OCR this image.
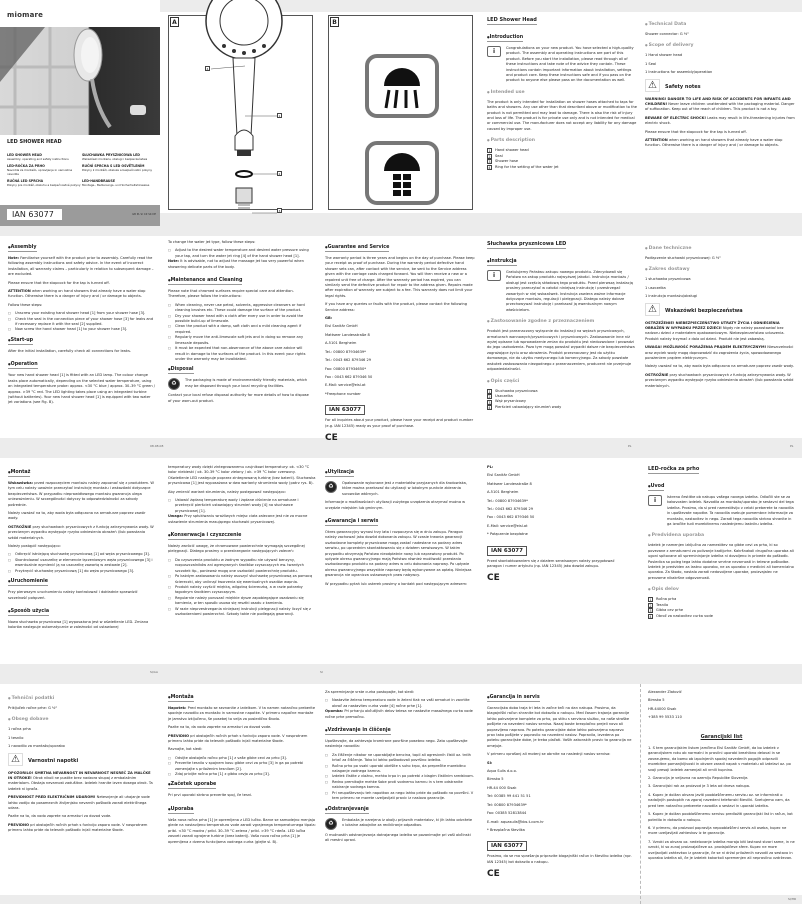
miomare
LED SHOWER HEAD
LED SHOWER HEAD
Assembly, operating and safety instructions
SŁUCHAWKA PRYSZNICOWA LED
Wskazówki montażu, obsługi i bezpieczeństwa
LED-ROČKA ZA PRHO
Navodila za montažo, upravljanje in varnostna navodila
RUČNÍ SPRCHA S LED OSVĚTLENÍM
Pokyny k montáži, obsluze a bezpečnostní pokyny
RUČNÁ LED SPRCHA
Pokyny pre montáž, obsluhu a bezpečnostné pokyny
LED-HANDBRAUSE
Montage-, Bedienungs- und Sicherheitshinweise
IAN 63077	GB PL SI CZ SK DE
A
4
1
2
3
B	LED Shower Head
● Introduction

i	Congratulations on your new product. You have selected a high-quality product. The assembly and operating instructions are part of this product. Before you start the installation, please read through all of these instructions and take note of the advice they contain. These instructions contain important information about installation, settings and product care. Keep these instructions safe and if you pass on the product to anyone else please pass on the documentation as well.
● Intended use
The product is only intended for installation on shower hoses attached to taps for baths and showers. Any use other than that described above or modification to the product is not permitted and may lead to damage. There is also the risk of injury and loss of life. The product is for private use only and is not intended for medical or commercial use. The manufacturer does not accept any liability for any damage caused by improper use.
● Parts description
1	Hand shower head
2	Seal
3	Shower hose
4	Ring for the setting of the water jet
● Technical Data
Shower connector: G ½"
● Scope of delivery
1 Hand shower head
1 Seal
1 Instructions for assembly/operation
⚠ Safety notes
WARNING! DANGER TO LIFE AND RISK OF ACCIDENTS FOR INFANTS AND CHILDREN! Never leave children unattended with the packaging material. Danger of suffocation. Keep out of the reach of children. This product is not a toy.
BEWARE OF ELECTRIC SHOCK! Leaks may result in life-threatening injuries from electric shock.
Please ensure that the stopcock for the tap is turned off.
ATTENTION when working on hand showers that already have a water stop function. Otherwise there is a danger of injury and / or damage to objects.
● Assembly

Note: Familiarise yourself with the product prior to assembly. Carefully read the following assembly instructions and safety advice. In the event of incorrect installation, all warranty claims – particularly in relation to subsequent damage – are excluded.
Please ensure that the stopcock for the tap is turned off.
ATTENTION when working on hand showers that already have a water stop function. Otherwise there is a danger of injury and / or damage to objects.
Follow these steps:
□ Unscrew your existing hand shower head [1] from your shower hose [3].
□ Check the seal in the connection piece of your shower hose [3] for leaks and if necessary replace it with the seal [2] supplied.
□ Now screw the hand shower head [1] to your shower hose [3].
● Start-up

After the initial installation, carefully check all connections for leaks.
● Operation

Your new hand shower head [1] is fitted with an LED lamp. The colour change tasks place automatically, depending on the selected water temperature, using an integrated temperature probe: approx. <30 °C blue / approx. 30–39 °C green / approx. >39 °C red. The LED lighting takes place using an integrated turbine (without batteries). Your new hand shower head [1] is equipped with two water jet variations (see Fig. B).
To change the water jet type, follow these steps:
□ Adjust to the desired water temperature and desired water pressure using your tap, and turn the water jet ring [4] of the hand shower head [1].
Note: It is advisable, not to adjust the massage jet too very powerful when showering delicate parts of the body.
● Maintenance and Cleaning

Please note that chromed surfaces require special care and attention. Therefore, please follow the instructions:
□ When cleaning, never use petrol, solvents, aggressive cleansers or hard cleaning brushes etc. These could damage the surface of the product.
□ Dry your shower head with a cloth after every use in order to avoid the possible build-up of limescale.
□ Clean the product with a damp, soft cloth and a mild cleaning agent if required.
□ Regularly move the anti-limescale soft jets and in doing so remove any limescale deposits.
□ It must be expected that non-observance of the above care advice will result in damage to the surfaces of the product. In this event your rights under the warranty may be invalidated.
● Disposal

♻	The packaging is made of environmentally friendly materials, which may be disposed through your local recycling facilities.
Contact your local refuse disposal authority for more details of how to dispose of your worn-out product.
● Guarantee and Service

The warranty period is three years and begins on the day of purchase. Please keep your receipt as proof of purchase. During the warranty period defective hand shower sets can, after contact with the service, be sent to the Service address given with the carriage costs charged forward. You will then receive a new or a repaired unit free of charge. After the warranty period has expired, you can similarly send the defective product for repair to the address given. Repairs made after expiration of warranty are subject to a fee. This warranty does not limit your legal rights.
If you have any queries or faults with the product, please contact the following Service address:
GB:
Eisl Sanitär GmbH
Mattseer Landesstraße 8
A-5101 Bergheim
Tel.: 00800 87934639*
Tel.: 0043 662 879346 29
Fax: 00800 87934650*
Fax : 0043 662 879346 50
E-Mail: service@eisl.at
*Freephone number
IAN 63077

For all inquiries about your product, please have your receipt and product number (e.g. IAN 12345) ready as your proof of purchase.
CE
Słuchawka prysznicowa LED
● Instrukcja

i	Gratulujemy Państwu zakupu nowego produktu. Zdecydowali się Państwo na zakup produktu najwyższej jakości. Instrukcja montażu / obsługi jest częścią składową tego produktu. Przed pierwszą instalacją prosimy przeczytać w całości niniejszą instrukcję i przestrzegać zawartych w niej wskazówek. Instrukcja zawiera ważne informacje dotyczące montażu, regulacji i pielęgnacji. Dlatego należy dobrze przechowywać instrukcję i przekazać ją ewentualnym nowym właścicielom.
● Zastosowanie zgodne z przeznaczeniem
Produkt jest przeznaczony wyłącznie do instalacji na wężach prysznicowych, armaturach wannowych/prysznicowych i prysznicowych. Zastosowanie inne niż wyżej opisane lub wprowadzenie zmian do produktu jest niedozwolone i prowadzi do jego uszkodzenia. Poza tym mogą powstać wypadki dalsze nie bezpieczeństwa zagrażające życiu oraz obrażenia. Produkt przeznaczony jest do użytku domowego, nie do użytku medycznego lub komercyjnego. Za szkody powstałe wskutek zastosowania niezgodnego z przeznaczeniem, producent nie przejmuje odpowiedzialności.
● Opis części
1	Słuchawka prysznicowa
2	Uszczelka
3	Wąż prysznicowy
4	Pierścień ustawiający strumień wody
● Dane techniczne
Podłączenie słuchawki prysznicowej: G ½"
● Zakres dostawy
1 słuchawka prysznicowa
1 uszczelka
1 instrukcja montażu/obsługi
⚠ Wskazówki bezpieczeństwa
OSTRZEŻENIE! NIEBEZPIECZEŃSTWO UTRATY ŻYCIA I ODNIESIENIA OBRAŻEŃ W WYPADKU PRZEZ DZIECI! Nigdy nie należy pozostawiać bez nadzoru dzieci z materiałem opakowaniowym. Niebezpieczeństwo uduszenia. Produkt należy trzymać z dala od dzieci. Produkt nie jest zabawką.
UWAGA! MOŻLIWOŚĆ PORAŻENIA PRĄDEM ELEKTRYCZNYM! Nieszczelności oraz wyciek wody mogą doprowadzić do zagrożenia życia, spowodowanego porażeniem prądem elektrycznym.
Należy uważać na to, aby woda była odłączona na armaturze poprzez zawór wody.
OSTROŻNIE przy słuchawkach prysznicowych z funkcją zatrzymywania wody. W przeciwnym wypadku występuje ryzyko odniesienia obrażeń i/lub powstania szkód materialnych.
● Montaż

Wskazówka: przed rozpoczęciem montażu należy zapoznać się z produktem. W tym celu należy uważnie przeczytać instrukcję montażu i wskazówki dotyczące bezpieczeństwa. W przypadku nieprawidłowego montażu gwarancja ulega unieważnieniu. W szczególności dotyczy to odpowiedzialności za szkody pośrednie.
Należy uważać na to, aby woda była odłączona na armaturze poprzez zawór wody.
OSTROŻNIE przy słuchawkach prysznicowych z funkcją zatrzymywania wody. W przeciwnym wypadku występuje ryzyko odniesienia obrażeń i/lub powstania szkód materialnych.
Należy postąpić następująco:
□ Odkręcić istniejącą słuchawkę prysznicową [1] od węża prysznicowego [3].
□ Skontrolować uszczelkę w elemencie łączeniowym węża prysznicowego [3] i ewentualnie wymienić ją na uszczelkę zawartą w zestawie [2].
□ Przykręcić słuchawkę prysznicową [1] do węża prysznicowego [3].
● Uruchomienie

Przy pierwszym uruchomieniu należy kontrolować i dokładnie sprawdzić szczelność połączeń.
● Sposób użycia

Nowa słuchawka prysznicowa [1] wyposażona jest w oświetlenie LED. Zmiana kolorów następuje automatycznie w zależności od ustawionej
temperatury wody dzięki zintegrowanemu czujnikowi temperatury: ok. <30 °C kolor niebieski / ok. 30-39 °C kolor zielony / ok. >39 °C kolor czerwony. Oświetlenie LED następuje poprzez zintegrowaną turbinę (bez baterii). Słuchawka prysznicowa [1] jest wyposażona w dwa warianty strumienia wody (patrz rys. B).
Aby zmienić wariant strumienia, należy postępować następująco:
□ Ustawić żądaną temperaturę wody i żądane ciśnienie na armaturze i przekręcić pierścień ustawiający strumień wody [4] na słuchawce prysznicowej [1].
Uwaga: Przy spłukiwaniu wrażliwych miejsc ciała zalecane jest nie za mocne ustawienie strumienia masującego słuchawki prysznicowej.
● Konserwacja i czyszczenie

Należy zwrócić uwagę, że chromowane powierzchnie wymagają szczególnej pielęgnacji. Dlatego prosimy o przestrzeganie następujących zaleceń:
□ Do czyszczenia produktu w żadnym wypadku nie używać benzyny, rozpuszczalników ani agresywnych środków czyszczących ew. twardych szczotek itp., ponieważ mogą one uszkodzić powierzchnię produktu.
□ Po każdym zastosowaniu należy osuszyć słuchawkę prysznicową za pomocą ściereczki, aby uniknąć tworzenia się ewentualnych osadów wapnia.
□ Produkt należy czyścić miękką, wilgotną ściereczką, a w razie potrzeby łagodnym środkiem czyszczącym.
□ Regularnie należy poruszać miękkie dysze zapobiegające osadzaniu się kamienia, w ten sposób usuwa się resztki osadu z kamienia.
□ W razie nieprzestrzegania niniejszej instrukcji pielęgnacji należy liczyć się z uszkodzeniami powierzchni. Szkody takie nie podlegają gwarancji.
● Utylizacja

♻	Opakowanie wykonane jest z materiałów przyjaznych dla środowiska, które można przekazać do utylizacji w lokalnym punkcie zbierania surowców wtórnych.
Informacje o możliwościach utylizacji zużytego urządzenia otrzymać można w urzędzie miejskim lub gminnym.
● Gwarancja i serwis

Okres gwarancyjny wynosi trzy lata i rozpoczyna się w dniu zakupu. Paragon należy zachować jako dowód dokonania zakupu. W czasie trwania gwarancji uszkodzone komplety prysznicowe mogą zostać nadesłane na podany adres serwisu, po uprzednim skontaktowaniu się z działem serwisowym. W takim przypadku otrzymają Państwo nieodpłatnie nowy lub naprawiony produkt. Po upływie okresu gwarancyjnego mają Państwo również możliwość przesłania uszkodzonego produktu na podany adres w celu dokonania naprawy. Po upływie okresu gwarancyjnego wszystkie naprawy będą wykonywane za opłatą. Niniejsza gwarancja nie ogranicza ustawowych praw nabywcy.
W przypadku pytań lub usterek prosimy o kontakt pod następującym adresem:
PL:
Eisl Sanitär GmbH
Mattseer Landesstraße 8
A-5101 Bergheim
Tel.: 00800 87934639*
Tel.: 0043 662 879346 29
Fax : 0043 662 879346 50
E-Mail: service@eisl.at
* Połączenie bezpłatne
IAN 63077

Przed skontaktowaniem się z działem serwisowym należy przygotować paragon i numer artykułu (np. IAN 12345) jako dowód zakupu.
CE
LED-ročka za prho
● Uvod

i	Iskreno čestitke ob nakupu vašega novega izdelka. Odločili ste se za kakovosten izdelek. Navodila za montažo/uporabo je sestavni del tega izdelka. Prosimo, da si pred namestitvijo v celoti preberete ta navodila in upoštevate napotke. Ta navodila vsebuje pomembne informacije za montažo, nastavitev in nego. Zaradi tega navodila skrbno shranite in ga izročite tudi morebitnemu naslednjemu lastniku izdelka.
● Predvidena uporaba
Izdelek je namenjen izključno za namestitev na gibke cevi za prho, ki so povezane z armaturami za polivanje kadi/prhe. Kakršnakoli drugačna uporaba ali ugoni spitovane ali spremininjanje izdelka ni dovoljeno in privede do poškodb. Posledica so poleg tega lahko dodatne smrtne nevarnosti in telesne poškodbe. Izdelek je predviden za lastno uporabo, ne za uporabo v medicini ali komercialno uporabo. Za škodo, nastalo zaradi nedovoljene uporabe, proizvajalec ne prevzame nikakršne odgovornosti.
● Opis delov
1	Ročna prha
2	Tesnilo
3	Gibka cev prhe
4	Obroč za nastavitev curka vode
● Tehnični podatki
Priključek ročne prhe: G ½"
● Obseg dobave
1 ročna prha
1 tesnilo
1 navodilo za montažo/uporabo
⚠ Varnostni napotki
OPOZORILO! SMRTNA NEVARNOST IN NEVARNOST NESREČ ZA MALČKE IN OTROKE! Otrok nikoli ne pustite brez nadzora skupaj z embalažnim materialom. Obstaja nevarnost zadušitve. Izdelek hranite izven dosega otrok. Ta izdelek ni igrača.
PREVIDNOST PRED ELEKTRIČNIM UDAROM! Netesnjenje ali uhajanje vode lahko vodijo do posameznih življenjsko nevarnih poškodb zaradi električnega udara.
Pazite na to, da vodo zaprete na armaturi za dovod vode.
PREVIDNO pri obstoječih ročnih prhah s funkcijo zaporo vode. V nasprotnem primeru lahko pride do telesnih poškodb in/ali materialne škode.
● Montaža

Napotek: Pred montažo se seznanite z izdelkom. V ta namen natančno preberite spodnje navodilo za montažo in varnostne napotke. V primeru napačne montaže je jamstvo izključeno, še posebej to velja za posledično škodo.
Pazite na to, da vodo zaprete na armaturi za dovod vode.
PREVIDNO pri obstoječih ročnih prhah s funkcijo zaporo vode. V nasprotnem primeru lahko pride do telesnih poškodb in/ali materialne škode.
Ravnajte, kot sledi:
□ Odvijte obstoječo ročno prho [1] z vaše gibke cevi za prho [3].
□ Preverite tesnilo v spojnem kosu gibke cevi za prho [3] in ga po potrebi zamenjajte s priloženim tesnilom [2].
□ Zdaj privijte ročno prho [1] z gibko cevjo za prho [3].
● Začetek uporabe

Pri prvi uporabi skrbno preverite spoj, če tesni.
● Uporaba

Vaša nova ročna prha [1] je opremljena z LED lučko. Barve se samodejno menjajo glede na nastavljeno temperaturo vode zaradi vgrajenega temperaturnega tipala: pribl. <30 °C modra / pribl. 30–39 °C zelena / pribl. >39 °C rdeča. LED lučka zasveti zaradi vgrajene turbine (brez baterij). Vaša nova ročna prha [1] je opremljena z dvema funkcijama vodnega curka (glejte sl. B).
Za spreminjanje vrste curka postopajte, kot sledi:
□ Nastavite želeno temperaturo vode in želeni tlak na vaši armaturi in zavrtite obroč za nastavitev curka vode [4] ročne prhe [1].
Opomba: Pri prhanju občutljivih delov telesa ne nastavite masažnega curka vode ročne prhe premočno.
● Vzdrževanje in čiščenje

Upoštevajte, da zahtevajo kromirane površine posebno nego. Zato upoštevajte naslednja navodila:
□ Za čiščenje nikakor ne uporabljajte bencina, topil ali agresivnih čistil oz. trdih krtač za čiščenje. Tako bi lahko poškodovali površino izdelka.
□ Ročno prho po vsaki uporabi obrišite s suho krpo, da preprečite morebitno nalaganje vodnega kamna.
□ Izdelek čistite z vlažno, mehko krpo in po potrebi z blagim čistilnim sredstvom.
□ Redno premikajte mehke šobe proti vodnemu kamnu in s tem odstranite nabiranje vodnega kamna.
□ Pri neupoštevanju teh napotkov za nego lahko pride do poškodb na površini. V tem primeru ne morete uveljavljati pravic iz naslova garancije.
● Odstranjevanje

♻	Embalaža je narejena iz okolju prijaznih materialov, ki jih lahko odvržete v lokalne zabojnike za recikliranje odpadkov.
O možnostih odstranjevanja dotrajanega izdelka se pozanimajte pri vaši občinski ali mestni upravi.
● Garancija in servis

Garancijska doba traja tri leta in začne teči na dan nakupa. Prosimo, da blagajniški račun shranite kot dokazilo o nakupu. Med časom trajanja garancije lahko pokvarjene komplete za prho, po stiku s servisno službo, na naše stroške pošljete na navedeni naslov servisa. Nazaj boste brezplačno prejeli novo ali popravljeno napravo. Po poteku garancijske dobe lahko pokvarjeno napravo prav tako pošljete v popravilo na navedeni naslov. Popravila, izvedena po poteku garancijske dobe, je treba plačati. Vaših zakonskih pravic ta garancija ne omejuje.
V primeru vprašanj ali motenj se obrnite na naslednji naslov servisa:
SI:
Aqua Sulis d.o.o.
Bimska 5
HR-44 000 Sisak
Tel: 00385 99 441 51 51
Tel: 00800 87934639*
Fax: 00385 52813844
E-mail: aquasulis@kbs.t-com.hr
* Brezplačna številka
IAN 63077

Prosimo, da se ma vprašanja pripravite blagajniški račun in številko izdelka (npr. IAN 12345) kot dokazilo o nakupu.
CE
Alexander Zlatović
Bimska 5
HR-44000 Sisak
+385 99 5533 110
Garancijski list
1. S tem garancijskim listom jamčimo Eisl Sanitär GmbH, da bo izdelek v garancijskem roku ob normalni in pravilni uporabi brezhibno deloval in se zavezujemo, da bomo ob izpolnjenih spodaj navedenih pogojih odpravili morebitne pomanjkljivosti in okvare zaradi napak v materialu ali izdelavi oz. po svoji presoji izdelek zamenjali ali vrnili kupnino.
2. Garancija je veljavna na ozemlju Republike Slovenije.
3. Garancijski rok za proizvod je 3 leta od dneva nakupa.
4. Kupec je dolžan okvaro javiti pooblaščenemu servisu oz. se informirati o nadaljnjih postopkih na zgoraj navedeni telefonski številki. Svetujemo vam, da pred tem natančno preberete navodila o sestavi in uporabi izdelka.
5. Kupec je dolžan pooblaščenemu servisu predložiti garancijski list in račun, kot potrdilo in dokazilo o nakupu.
6. V primeru, da proizvod popravlja nepooblaščeni servis ali oseba, kupec ne more uveljavljati zahtevkov iz te garancije.
7. Vzroki za okvaro oz. nedelovanje izdelka morajo biti lastnost stvari same, in ne vzroki, ki so zunaj proizvajalčeve oz. prodajalčeve sfere. Kupec ne more uveljavljati zahtevkov iz garancije, če se ni držal priloženih navodil za sestavo in uporabo izdelka ali, če je izdelek kakorkoli spremenjen ali nepravilno vzdrževan.
08.08.08	PL	PL
SI/AA	SI
SI/HR
